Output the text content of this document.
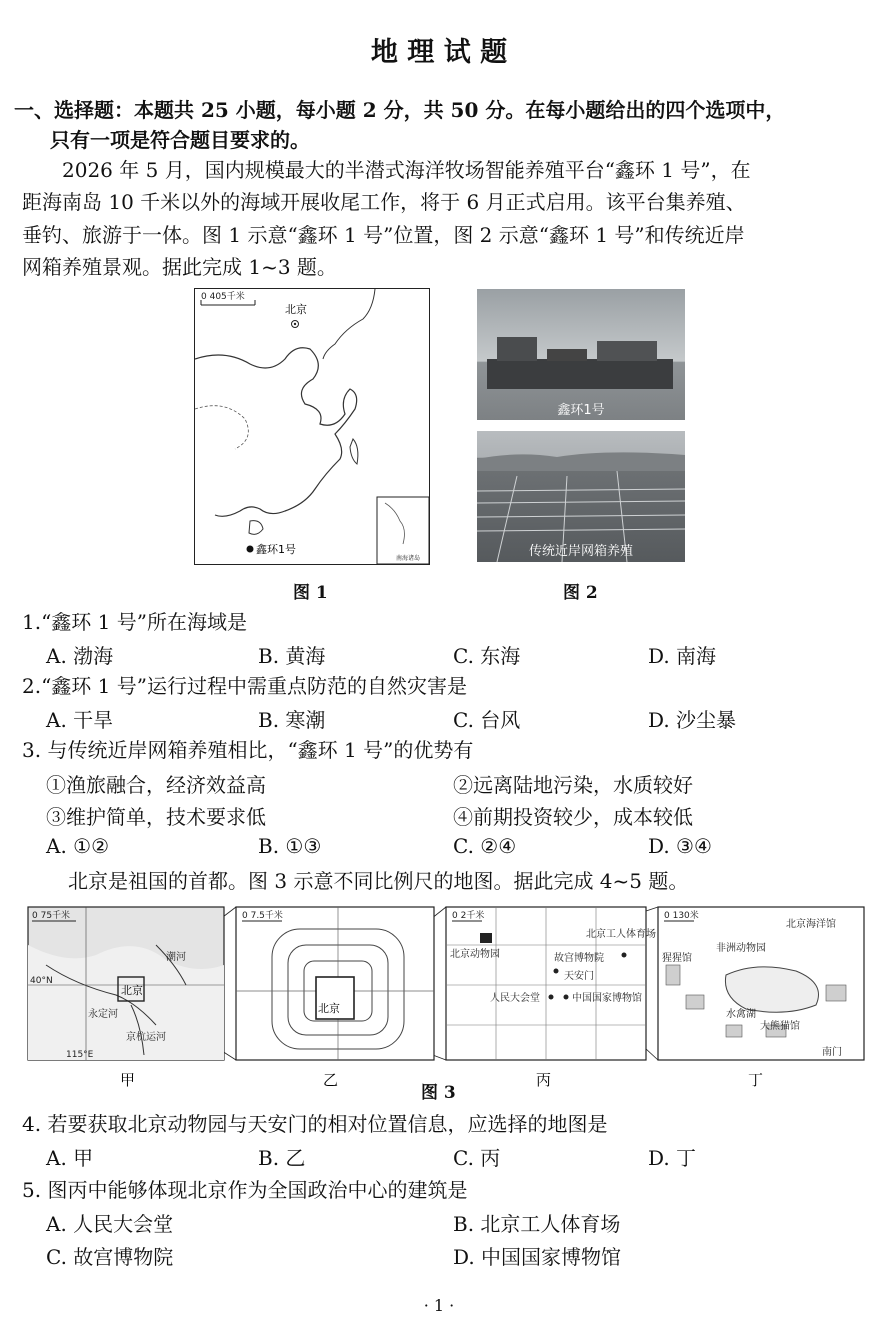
地 理 试 题
一、选择题：本题共 25 小题，每小题 2 分，共 50 分。在每小题给出的四个选项中，
只有一项是符合题目要求的。
2026 年 5 月，国内规模最大的半潜式海洋牧场智能养殖平台“鑫环 1 号”，在
距海南岛 10 千米以外的海域开展收尾工作，将于 6 月正式启用。该平台集养殖、
垂钓、旅游于一体。图 1 示意“鑫环 1 号”位置，图 2 示意“鑫环 1 号”和传统近岸
网箱养殖景观。据此完成 1~3 题。
0 405千米
北京
南海诸岛
鑫环1号
图 1
鑫环1号
传统近岸网箱养殖
图 2
1.“鑫环 1 号”所在海域是
A. 渤海	B. 黄海	C. 东海	D. 南海
2.“鑫环 1 号”运行过程中需重点防范的自然灾害是
A. 干旱	B. 寒潮	C. 台风	D. 沙尘暴
3. 与传统近岸网箱养殖相比，“鑫环 1 号”的优势有
①渔旅融合，经济效益高	②远离陆地污染，水质较好
③维护简单，技术要求低	④前期投资较少，成本较低
A. ①②	B. ①③	C. ②④	D. ③④
北京是祖国的首都。图 3 示意不同比例尺的地图。据此完成 4~5 题。
0 75千米
40°N
115°E
北京
永定河
京杭运河
潮河
甲
0 7.5千米
北京
乙
0 2千米
北京动物园
北京工人体育场
故宫博物院
天安门
人民大会堂	中国国家博物馆
丙
0 130米
北京海洋馆
非洲动物园
猩猩馆
水禽湖
大熊猫馆
南门
丁
图 3
4. 若要获取北京动物园与天安门的相对位置信息，应选择的地图是
A. 甲	B. 乙	C. 丙	D. 丁
5. 图丙中能够体现北京作为全国政治中心的建筑是
A. 人民大会堂	B. 北京工人体育场
C. 故宫博物院	D. 中国国家博物馆
· 1 ·
